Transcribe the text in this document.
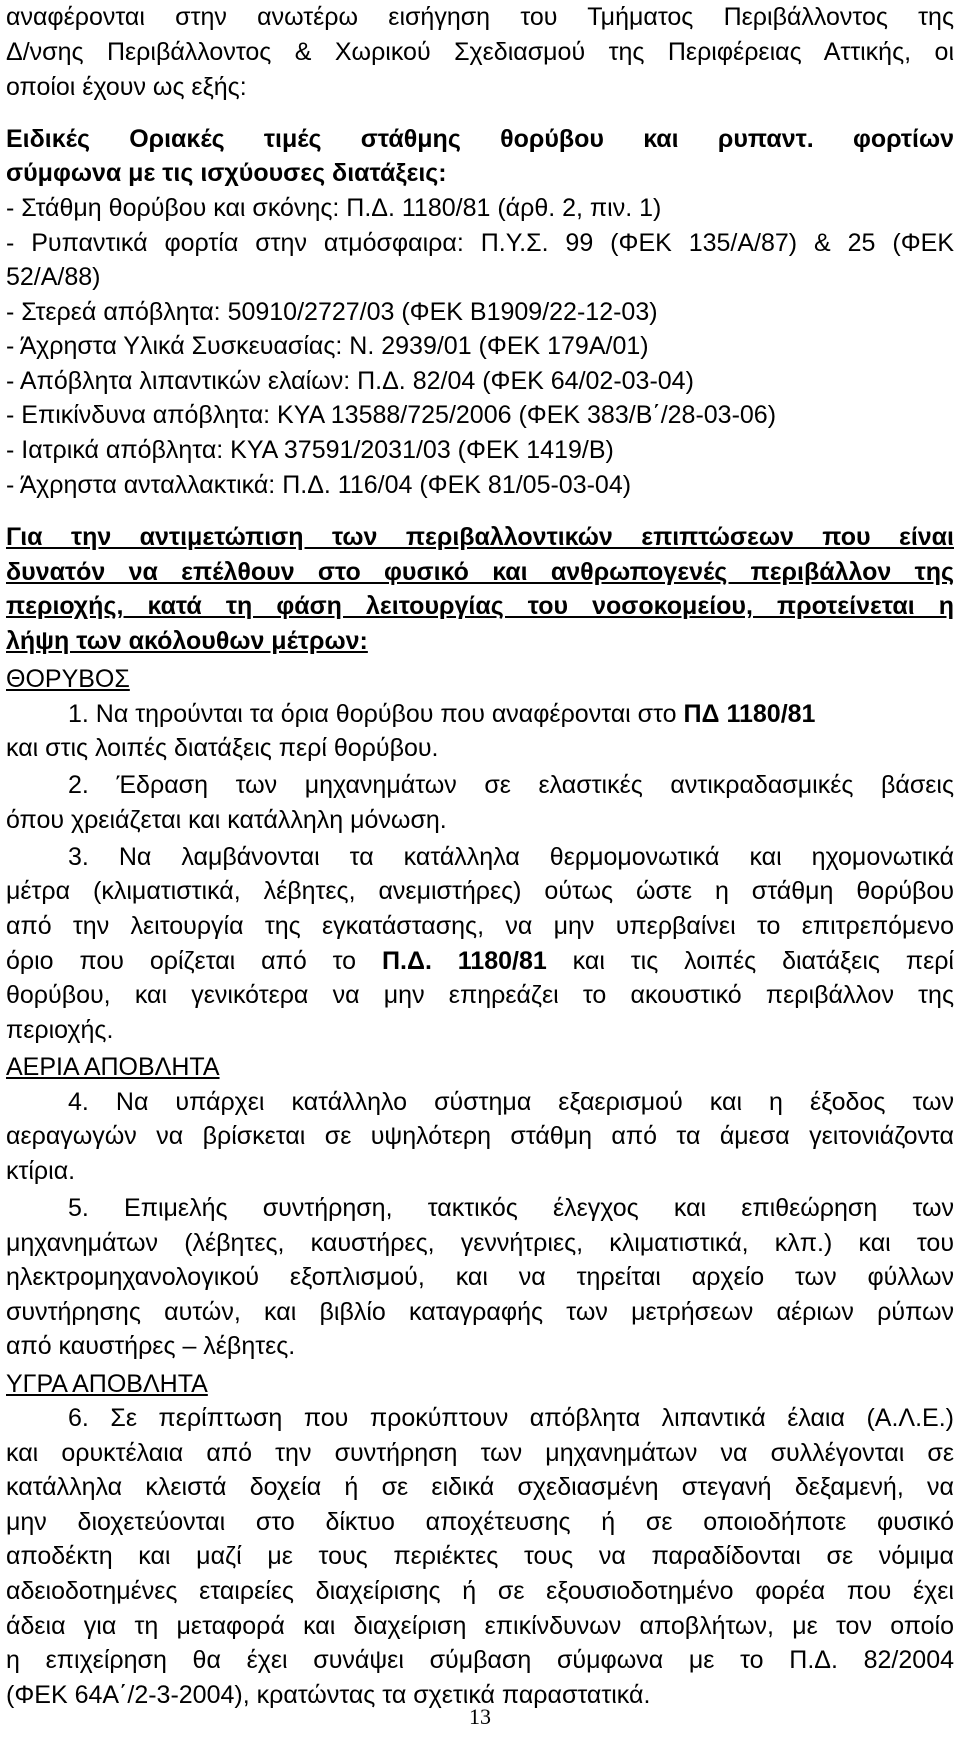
αναφέρονται στην ανωτέρω εισήγηση του Τμήματος Περιβάλλοντος της
Δ/νσης Περιβάλλοντος & Χωρικού Σχεδιασμού της Περιφέρειας Αττικής, οι
οποίοι έχουν ως εξής:
Ειδικές Οριακές τιμές στάθμης θορύβου και ρυπαντ. φορτίων
σύμφωνα με τις ισχύουσες διατάξεις:
- Στάθμη θορύβου και σκόνης: Π.Δ. 1180/81 (άρθ. 2, πιν. 1)
- Ρυπαντικά φορτία στην ατμόσφαιρα: Π.Υ.Σ. 99 (ΦΕΚ 135/Α/87) & 25 (ΦΕΚ
52/Α/88)
- Στερεά απόβλητα: 50910/2727/03 (ΦΕΚ Β1909/22-12-03)
- Άχρηστα Υλικά Συσκευασίας: Ν. 2939/01 (ΦΕΚ 179Α/01)
- Απόβλητα λιπαντικών ελαίων: Π.Δ. 82/04 (ΦΕΚ 64/02-03-04)
- Επικίνδυνα απόβλητα: ΚΥΑ 13588/725/2006 (ΦΕΚ 383/Β΄/28-03-06)
- Ιατρικά απόβλητα: ΚΥΑ 37591/2031/03 (ΦΕΚ 1419/Β)
- Άχρηστα ανταλλακτικά: Π.Δ. 116/04 (ΦΕΚ 81/05-03-04)
Για την αντιμετώπιση των περιβαλλοντικών επιπτώσεων που είναι
δυνατόν να επέλθουν στο φυσικό και ανθρωπογενές περιβάλλον της
περιοχής, κατά τη φάση λειτουργίας του νοσοκομείου, προτείνεται η
λήψη των ακόλουθων μέτρων:
ΘΟΡΥΒΟΣ
1. Να τηρούνται τα όρια θορύβου που αναφέρονται στο ΠΔ 1180/81
και στις λοιπές διατάξεις περί θορύβου.
2. Έδραση των μηχανημάτων σε ελαστικές αντικραδασμικές βάσεις
όπου χρειάζεται και κατάλληλη μόνωση.
3. Να λαμβάνονται τα κατάλληλα θερμομονωτικά και ηχομονωτικά
μέτρα (κλιματιστικά, λέβητες, ανεμιστήρες) ούτως ώστε η στάθμη θορύβου
από την λειτουργία της εγκατάστασης, να μην υπερβαίνει το επιτρεπόμενο
όριο που ορίζεται από το Π.Δ. 1180/81 και τις λοιπές διατάξεις περί
θορύβου, και γενικότερα να μην επηρεάζει το ακουστικό περιβάλλον της
περιοχής.
ΑΕΡΙΑ ΑΠΟΒΛΗΤΑ
4. Να υπάρχει κατάλληλο σύστημα εξαερισμού και η έξοδος των
αεραγωγών να βρίσκεται σε υψηλότερη στάθμη από τα άμεσα γειτονιάζοντα
κτίρια.
5. Επιμελής συντήρηση, τακτικός έλεγχος και επιθεώρηση των
μηχανημάτων (λέβητες, καυστήρες, γεννήτριες, κλιματιστικά, κλπ.) και του
ηλεκτρομηχανολογικού εξοπλισμού, και να τηρείται αρχείο των φύλλων
συντήρησης αυτών, και βιβλίο καταγραφής των μετρήσεων αέριων ρύπων
από καυστήρες – λέβητες.
ΥΓΡΑ ΑΠΟΒΛΗΤΑ
6. Σε περίπτωση που προκύπτουν απόβλητα λιπαντικά έλαια (Α.Λ.Ε.)
και ορυκτέλαια από την συντήρηση των μηχανημάτων να συλλέγονται σε
κατάλληλα κλειστά δοχεία ή σε ειδικά σχεδιασμένη στεγανή δεξαμενή, να
μην διοχετεύονται στο δίκτυο αποχέτευσης ή σε οποιοδήποτε φυσικό
αποδέκτη και μαζί με τους περιέκτες τους να παραδίδονται σε νόμιμα
αδειοδοτημένες εταιρείες διαχείρισης ή σε εξουσιοδοτημένο φορέα που έχει
άδεια για τη μεταφορά και διαχείριση επικίνδυνων αποβλήτων, με τον οποίο
η επιχείρηση θα έχει συνάψει σύμβαση σύμφωνα με το Π.Δ. 82/2004
(ΦΕΚ 64Α΄/2-3-2004), κρατώντας τα σχετικά παραστατικά.
13
